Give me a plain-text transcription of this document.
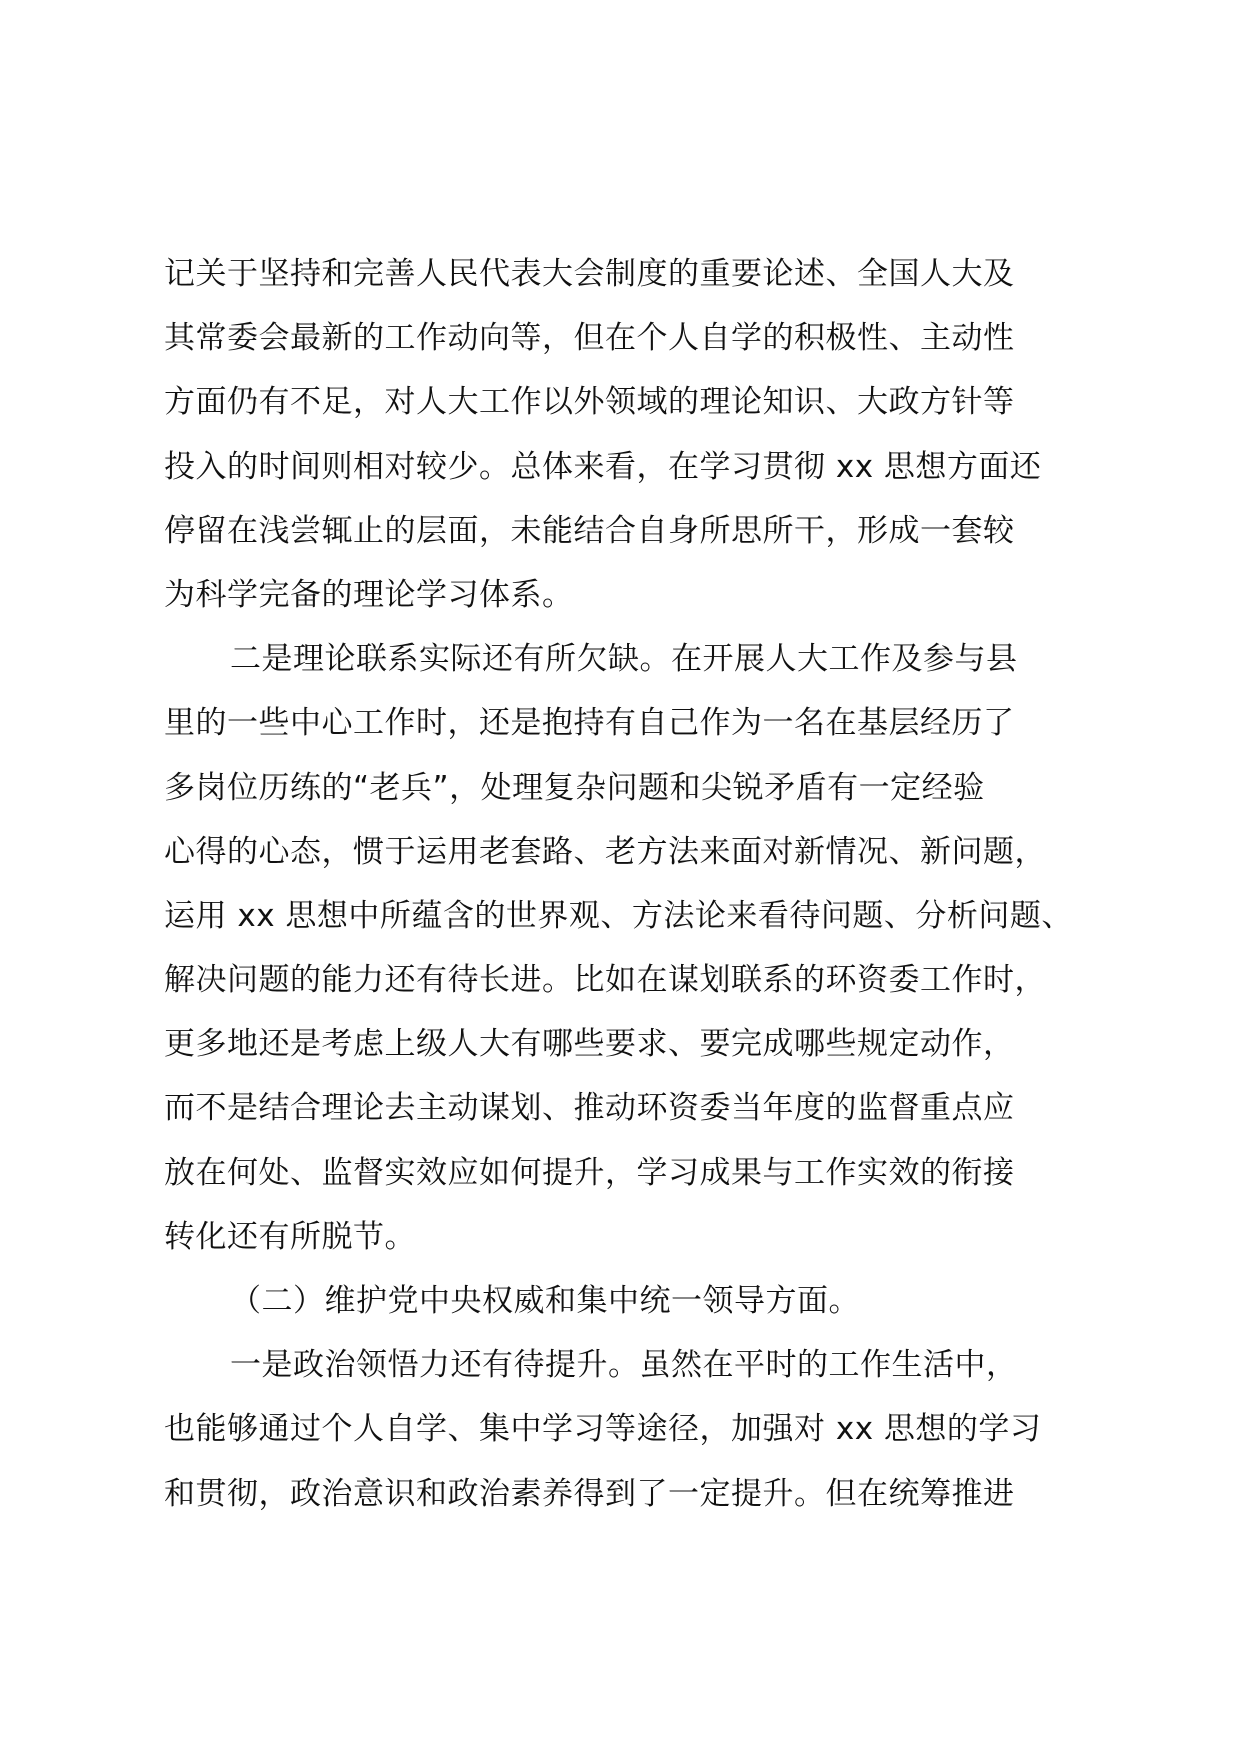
记关于坚持和完善人民代表大会制度的重要论述、全国人大及
其常委会最新的工作动向等，但在个人自学的积极性、主动性
方面仍有不足，对人大工作以外领域的理论知识、大政方针等
投入的时间则相对较少。总体来看，在学习贯彻 xx 思想方面还
停留在浅尝辄止的层面，未能结合自身所思所干，形成一套较
为科学完备的理论学习体系。
二是理论联系实际还有所欠缺。在开展人大工作及参与县
里的一些中心工作时，还是抱持有自己作为一名在基层经历了
多岗位历练的“老兵”，处理复杂问题和尖锐矛盾有一定经验
心得的心态，惯于运用老套路、老方法来面对新情况、新问题，
运用 xx 思想中所蕴含的世界观、方法论来看待问题、分析问题、
解决问题的能力还有待长进。比如在谋划联系的环资委工作时，
更多地还是考虑上级人大有哪些要求、要完成哪些规定动作，
而不是结合理论去主动谋划、推动环资委当年度的监督重点应
放在何处、监督实效应如何提升，学习成果与工作实效的衔接
转化还有所脱节。
（二）维护党中央权威和集中统一领导方面。
一是政治领悟力还有待提升。虽然在平时的工作生活中，
也能够通过个人自学、集中学习等途径，加强对 xx 思想的学习
和贯彻，政治意识和政治素养得到了一定提升。但在统筹推进
